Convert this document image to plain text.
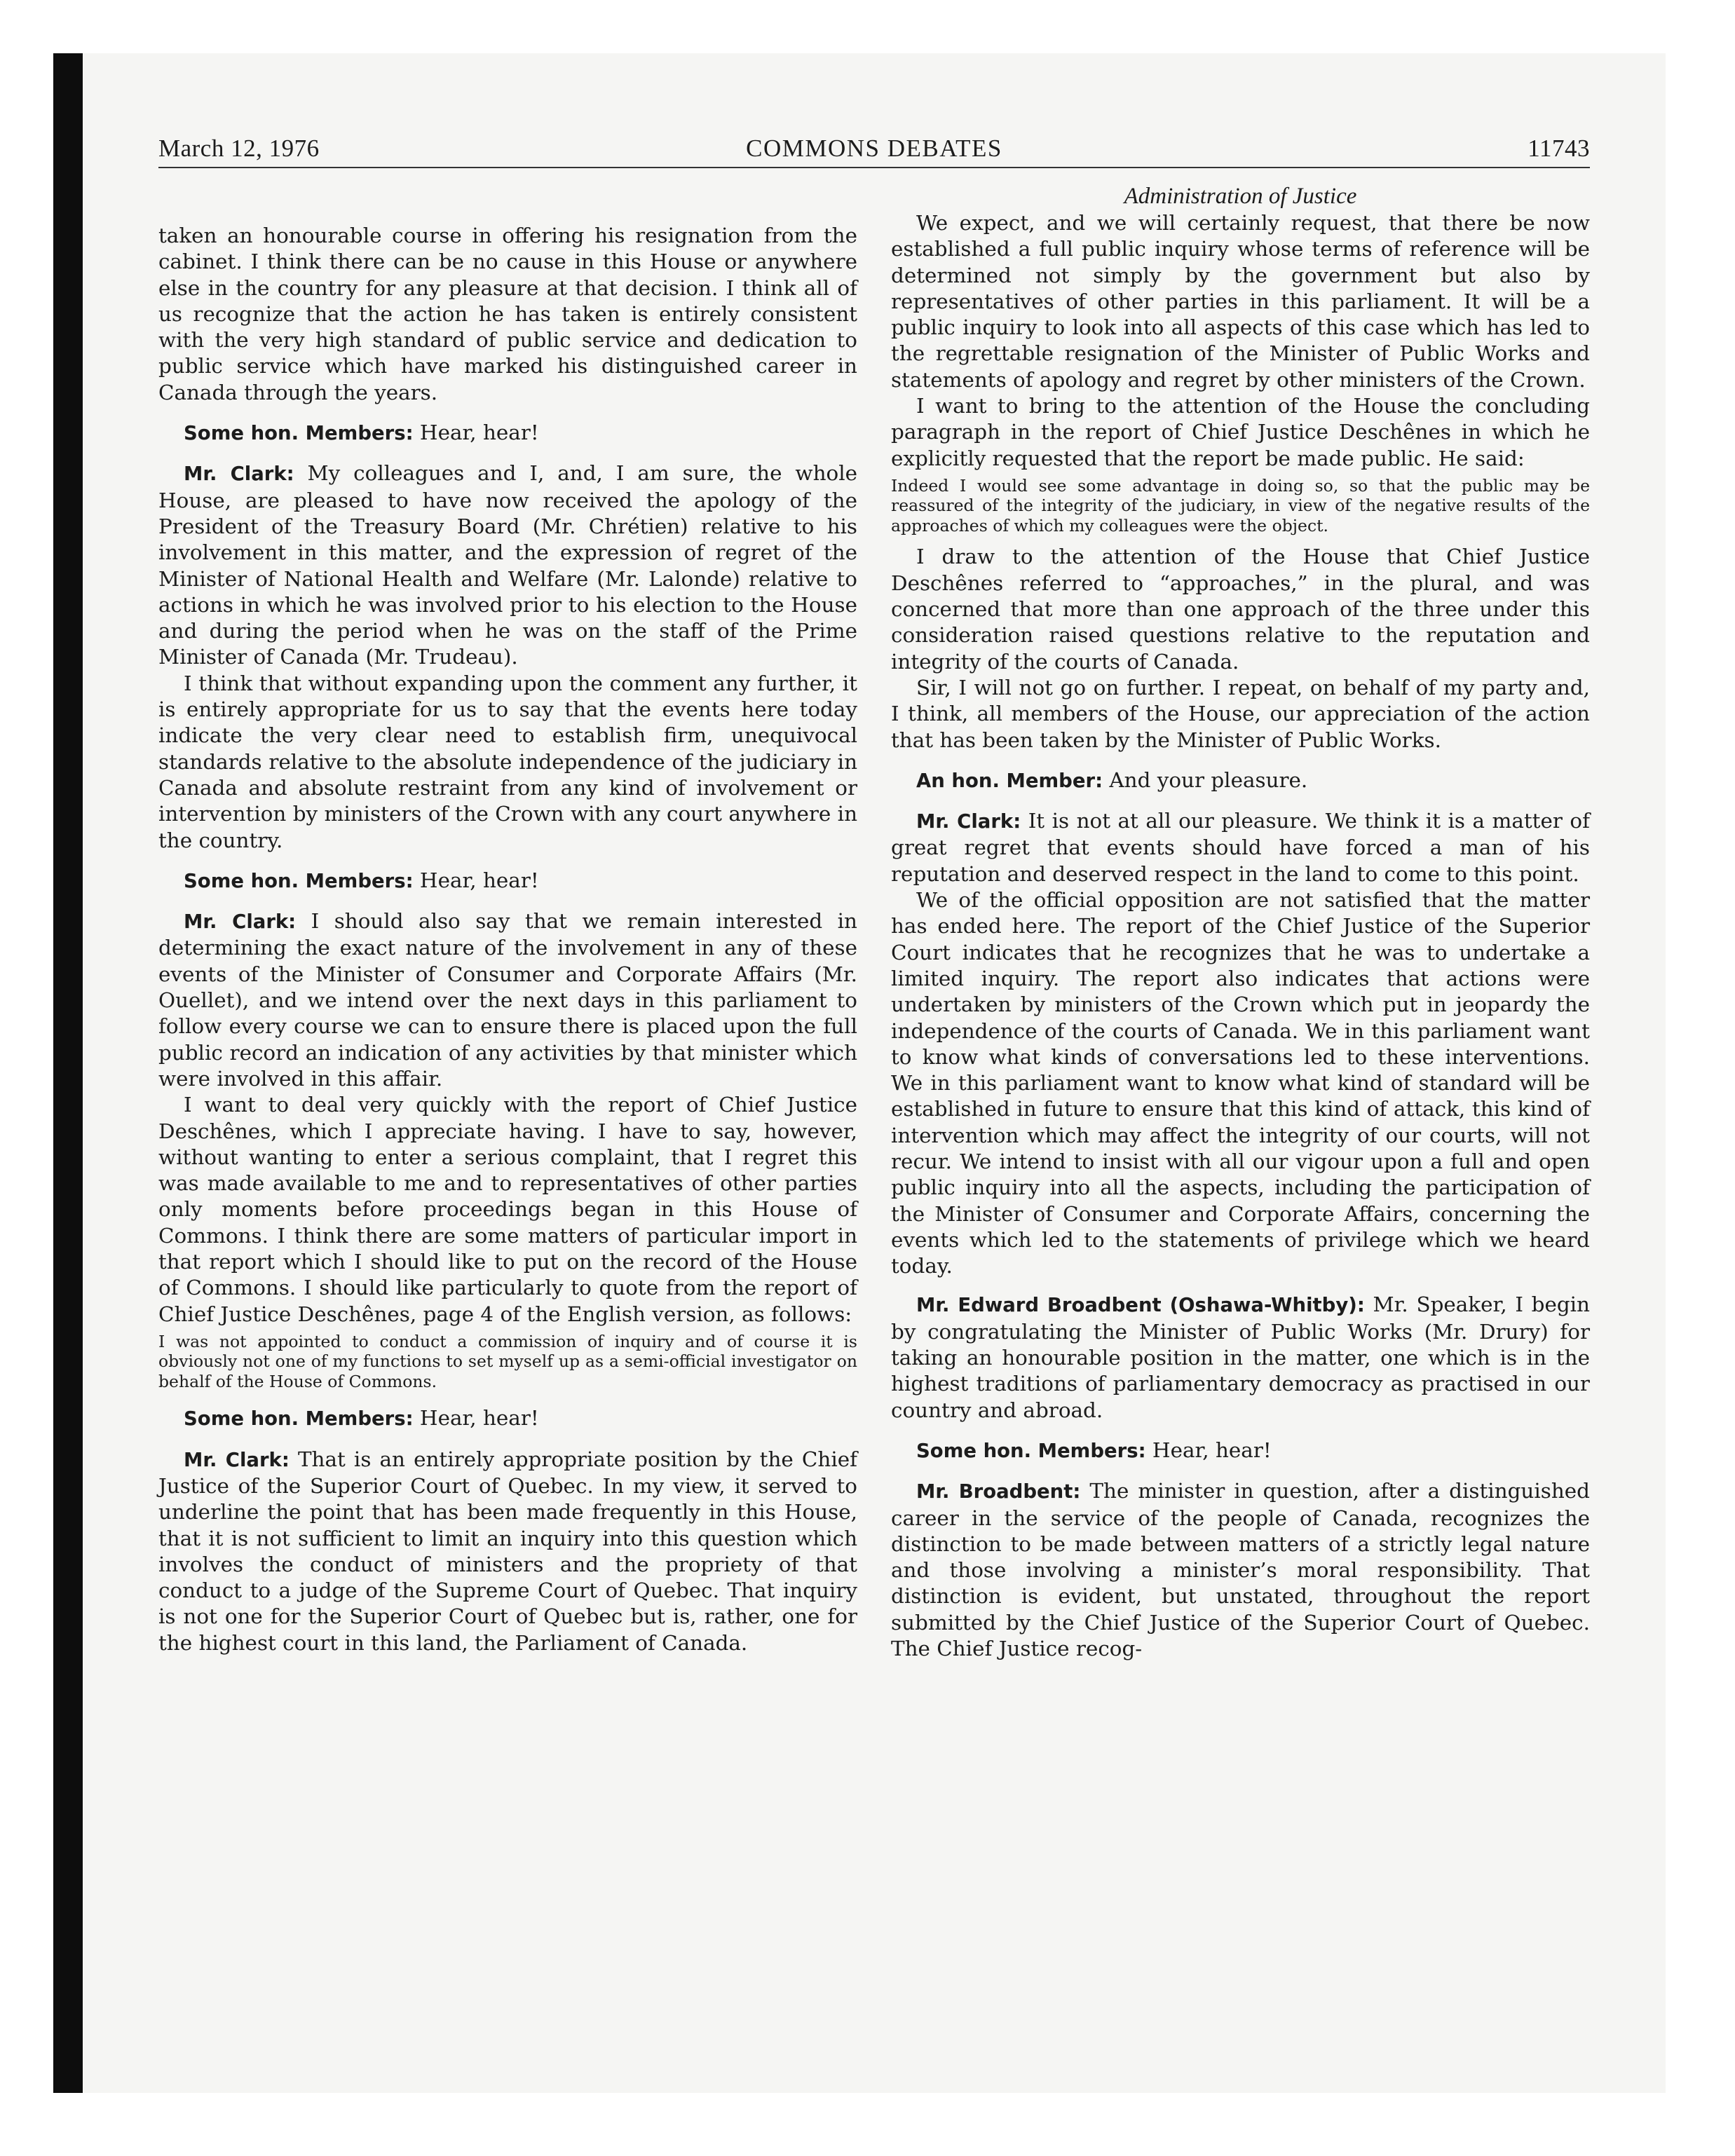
March 12, 1976	COMMONS DEBATES	11743

taken an honourable course in offering his resignation from the cabinet. I think there can be no cause in this House or anywhere else in the country for any pleasure at that decision. I think all of us recognize that the action he has taken is entirely consistent with the very high standard of public service and dedication to public service which have marked his distinguished career in Canada through the years.

Some hon. Members: Hear, hear!

Mr. Clark: My colleagues and I, and, I am sure, the whole House, are pleased to have now received the apology of the President of the Treasury Board (Mr. Chrétien) relative to his involvement in this matter, and the expression of regret of the Minister of National Health and Welfare (Mr. Lalonde) relative to actions in which he was involved prior to his election to the House and during the period when he was on the staff of the Prime Minister of Canada (Mr. Trudeau).

I think that without expanding upon the comment any further, it is entirely appropriate for us to say that the events here today indicate the very clear need to establish firm, unequivocal standards relative to the absolute independence of the judiciary in Canada and absolute restraint from any kind of involvement or intervention by ministers of the Crown with any court anywhere in the country.

Some hon. Members: Hear, hear!

Mr. Clark: I should also say that we remain interested in determining the exact nature of the involvement in any of these events of the Minister of Consumer and Corporate Affairs (Mr. Ouellet), and we intend over the next days in this parliament to follow every course we can to ensure there is placed upon the full public record an indication of any activities by that minister which were involved in this affair.

I want to deal very quickly with the report of Chief Justice Deschênes, which I appreciate having. I have to say, however, without wanting to enter a serious complaint, that I regret this was made available to me and to representatives of other parties only moments before proceedings began in this House of Commons. I think there are some matters of particular import in that report which I should like to put on the record of the House of Commons. I should like particularly to quote from the report of Chief Justice Deschênes, page 4 of the English version, as follows:

I was not appointed to conduct a commission of inquiry and of course it is obviously not one of my functions to set myself up as a semi-official investigator on behalf of the House of Commons.

Some hon. Members: Hear, hear!

Mr. Clark: That is an entirely appropriate position by the Chief Justice of the Superior Court of Quebec. In my view, it served to underline the point that has been made frequently in this House, that it is not sufficient to limit an inquiry into this question which involves the conduct of ministers and the propriety of that conduct to a judge of the Supreme Court of Quebec. That inquiry is not one for the Superior Court of Quebec but is, rather, one for the highest court in this land, the Parliament of Canada.

Administration of Justice

We expect, and we will certainly request, that there be now established a full public inquiry whose terms of reference will be determined not simply by the government but also by representatives of other parties in this parliament. It will be a public inquiry to look into all aspects of this case which has led to the regrettable resignation of the Minister of Public Works and statements of apology and regret by other ministers of the Crown.

I want to bring to the attention of the House the concluding paragraph in the report of Chief Justice Deschênes in which he explicitly requested that the report be made public. He said:

Indeed I would see some advantage in doing so, so that the public may be reassured of the integrity of the judiciary, in view of the negative results of the approaches of which my colleagues were the object.

I draw to the attention of the House that Chief Justice Deschênes referred to “approaches,” in the plural, and was concerned that more than one approach of the three under this consideration raised questions relative to the reputation and integrity of the courts of Canada.

Sir, I will not go on further. I repeat, on behalf of my party and, I think, all members of the House, our appreciation of the action that has been taken by the Minister of Public Works.

An hon. Member: And your pleasure.

Mr. Clark: It is not at all our pleasure. We think it is a matter of great regret that events should have forced a man of his reputation and deserved respect in the land to come to this point.

We of the official opposition are not satisfied that the matter has ended here. The report of the Chief Justice of the Superior Court indicates that he recognizes that he was to undertake a limited inquiry. The report also indicates that actions were undertaken by ministers of the Crown which put in jeopardy the independence of the courts of Canada. We in this parliament want to know what kinds of conversations led to these interventions. We in this parliament want to know what kind of standard will be established in future to ensure that this kind of attack, this kind of intervention which may affect the integrity of our courts, will not recur. We intend to insist with all our vigour upon a full and open public inquiry into all the aspects, including the participation of the Minister of Consumer and Corporate Affairs, concerning the events which led to the statements of privilege which we heard today.

Mr. Edward Broadbent (Oshawa-Whitby): Mr. Speaker, I begin by congratulating the Minister of Public Works (Mr. Drury) for taking an honourable position in the matter, one which is in the highest traditions of parliamentary democracy as practised in our country and abroad.

Some hon. Members: Hear, hear!

Mr. Broadbent: The minister in question, after a distinguished career in the service of the people of Canada, recognizes the distinction to be made between matters of a strictly legal nature and those involving a minister’s moral responsibility. That distinction is evident, but unstated, throughout the report submitted by the Chief Justice of the Superior Court of Quebec. The Chief Justice recog-
